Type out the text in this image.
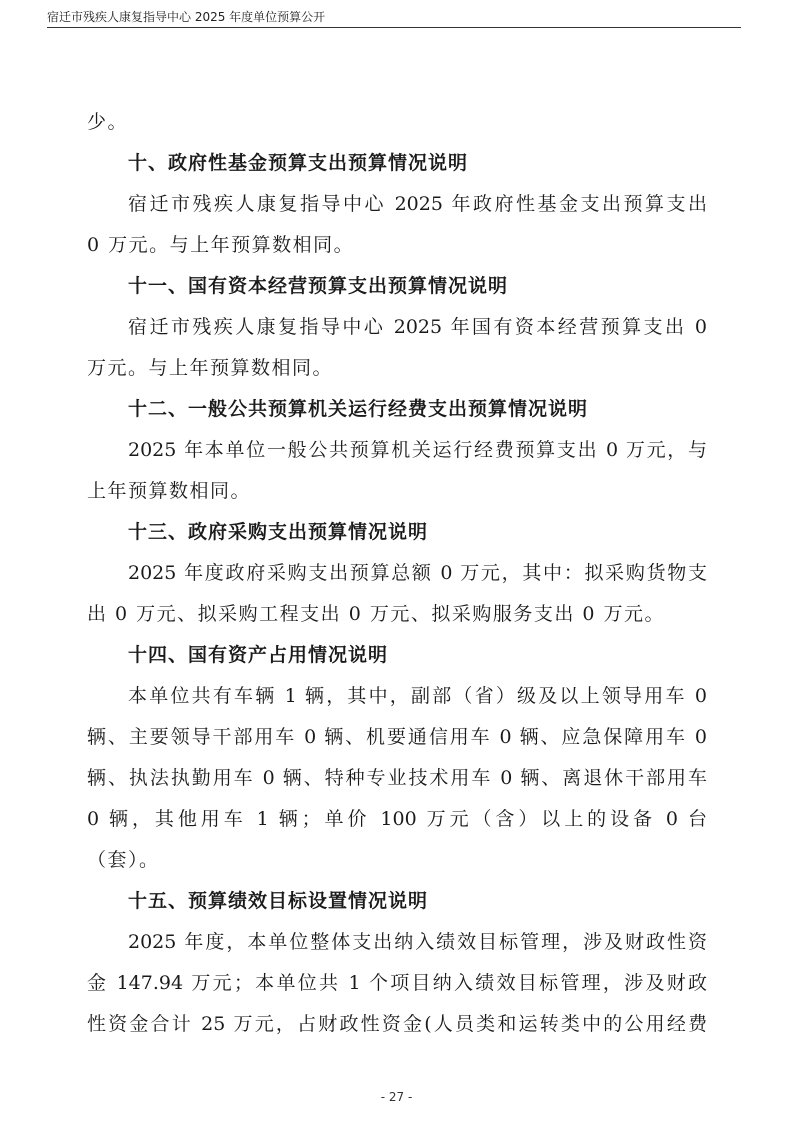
宿迁市残疾人康复指导中心 2025 年度单位预算公开
少。
十、政府性基金预算支出预算情况说明
宿迁市残疾人康复指导中心 2025 年政府性基金支出预算支出
0 万元。与上年预算数相同。
十一、国有资本经营预算支出预算情况说明
宿迁市残疾人康复指导中心 2025 年国有资本经营预算支出 0
万元。与上年预算数相同。
十二、一般公共预算机关运行经费支出预算情况说明
2025 年本单位一般公共预算机关运行经费预算支出 0 万元，与
上年预算数相同。
十三、政府采购支出预算情况说明
2025 年度政府采购支出预算总额 0 万元，其中：拟采购货物支
出 0 万元、拟采购工程支出 0 万元、拟采购服务支出 0 万元。
十四、国有资产占用情况说明
本单位共有车辆 1 辆，其中，副部（省）级及以上领导用车 0
辆、主要领导干部用车 0 辆、机要通信用车 0 辆、应急保障用车 0
辆、执法执勤用车 0 辆、特种专业技术用车 0 辆、离退休干部用车
0 辆，其他用车 1 辆；单价 100 万元（含）以上的设备 0 台
（套）。
十五、预算绩效目标设置情况说明
2025 年度，本单位整体支出纳入绩效目标管理，涉及财政性资
金 147.94 万元；本单位共 1 个项目纳入绩效目标管理，涉及财政
性资金合计 25 万元，占财政性资金(人员类和运转类中的公用经费
- 27 -
